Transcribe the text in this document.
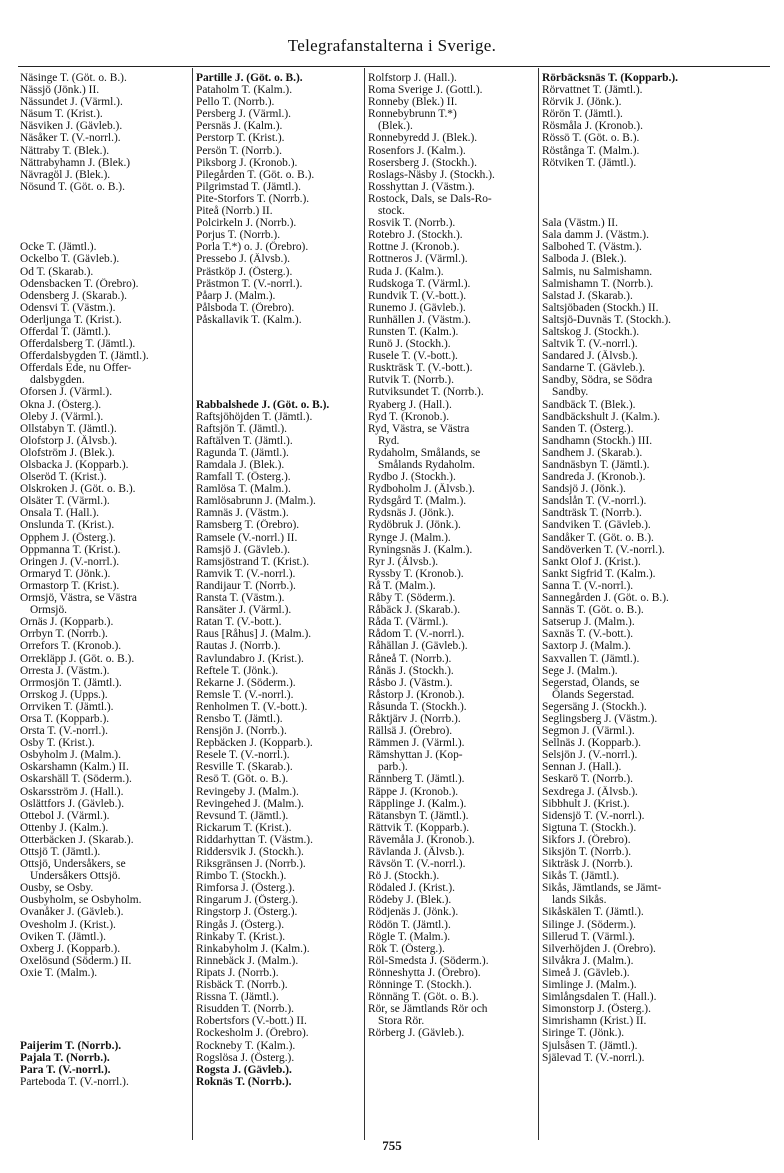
Telegrafanstalterna i Sverige.
Näsinge T. (Göt. o. B.).
Nässjö (Jönk.) II.
Nässundet J. (Värml.).
Näsum T. (Krist.).
Näsviken J. (Gävleb.).
Näsåker T. (V.-norrl.).
Nättraby T. (Blek.).
Nättrabyhamn J. (Blek.)
Nävragöl J. (Blek.).
Nösund T. (Göt. o. B.).
Ocke T. (Jämtl.).
Ockelbo T. (Gävleb.).
Od T. (Skarab.).
Odensbacken T. (Örebro).
Odensberg J. (Skarab.).
Odensvi T. (Västm.).
Oderljunga T. (Krist.).
Offerdal T. (Jämtl.).
Offerdalsberg T. (Jämtl.).
Offerdalsbygden T. (Jämtl.).
Offerdals Ede, nu Offer-
dalsbygden.
Oforsen J. (Värml.).
Okna J. (Österg.).
Oleby J. (Värml.).
Ollstabyn T. (Jämtl.).
Olofstorp J. (Älvsb.).
Olofström J. (Blek.).
Olsbacka J. (Kopparb.).
Olseröd T. (Krist.).
Olskroken J. (Göt. o. B.).
Olsäter T. (Värml.).
Onsala T. (Hall.).
Onslunda T. (Krist.).
Opphem J. (Österg.).
Oppmanna T. (Krist.).
Oringen J. (V.-norrl.).
Ormaryd T. (Jönk.).
Ormastorp T. (Krist.).
Ormsjö, Västra, se Västra
Ormsjö.
Ornäs J. (Kopparb.).
Orrbyn T. (Norrb.).
Orrefors T. (Kronob.).
Orrekläpp J. (Göt. o. B.).
Orresta J. (Västm.).
Orrmosjön T. (Jämtl.).
Orrskog J. (Upps.).
Orrviken T. (Jämtl.).
Orsa T. (Kopparb.).
Orsta T. (V.-norrl.).
Osby T. (Krist.).
Osbyholm J. (Malm.).
Oskarshamn (Kalm.) II.
Oskarshäll T. (Söderm.).
Oskarsström J. (Hall.).
Oslättfors J. (Gävleb.).
Ottebol J. (Värml.).
Ottenby J. (Kalm.).
Otterbäcken J. (Skarab.).
Ottsjö T. (Jämtl.).
Ottsjö, Undersåkers, se
Undersåkers Ottsjö.
Ousby, se Osby.
Ousbyholm, se Osbyholm.
Ovanåker J. (Gävleb.).
Ovesholm J. (Krist.).
Oviken T. (Jämtl.).
Oxberg J. (Kopparb.).
Oxelösund (Söderm.) II.
Oxie T. (Malm.).
Paijerim T. (Norrb.).
Pajala T. (Norrb.).
Para T. (V.-norrl.).
Parteboda T. (V.-norrl.).
Partille J. (Göt. o. B.).
Pataholm T. (Kalm.).
Pello T. (Norrb.).
Persberg J. (Värml.).
Persnäs J. (Kalm.).
Perstorp T. (Krist.).
Persön T. (Norrb.).
Piksborg J. (Kronob.).
Pilegården T. (Göt. o. B.).
Pilgrimstad T. (Jämtl.).
Pite-Storfors T. (Norrb.).
Piteå (Norrb.) II.
Polcirkeln J. (Norrb.).
Porjus T. (Norrb.).
Porla T.*) o. J. (Örebro).
Pressebo J. (Älvsb.).
Prästköp J. (Österg.).
Prästmon T. (V.-norrl.).
Påarp J. (Malm.).
Pålsboda T. (Örebro).
Påskallavik T. (Kalm.).
Rabbalshede J. (Göt. o. B.).
Raftsjöhöjden T. (Jämtl.).
Raftsjön T. (Jämtl.).
Raftälven T. (Jämtl.).
Ragunda T. (Jämtl.).
Ramdala J. (Blek.).
Ramfall T. (Österg.).
Ramlösa T. (Malm.).
Ramlösabrunn J. (Malm.).
Ramnäs J. (Västm.).
Ramsberg T. (Örebro).
Ramsele (V.-norrl.) II.
Ramsjö J. (Gävleb.).
Ramsjöstrand T. (Krist.).
Ramvik T. (V.-norrl.).
Randijaur T. (Norrb.).
Ransta T. (Västm.).
Ransäter J. (Värml.).
Ratan T. (V.-bott.).
Raus [Råhus] J. (Malm.).
Rautas J. (Norrb.).
Ravlundabro J. (Krist.).
Reftele T. (Jönk.).
Rekarne J. (Söderm.).
Remsle T. (V.-norrl.).
Renholmen T. (V.-bott.).
Rensbo T. (Jämtl.).
Rensjön J. (Norrb.).
Repbäcken J. (Kopparb.).
Resele T. (V.-norrl.).
Resville T. (Skarab.).
Resö T. (Göt. o. B.).
Revingeby J. (Malm.).
Revingehed J. (Malm.).
Revsund T. (Jämtl.).
Rickarum T. (Krist.).
Riddarhyttan T. (Västm.).
Riddersvik J. (Stockh.).
Riksgränsen J. (Norrb.).
Rimbo T. (Stockh.).
Rimforsa J. (Österg.).
Ringarum J. (Österg.).
Ringstorp J. (Österg.).
Ringås J. (Österg.).
Rinkaby T. (Krist.).
Rinkabyholm J. (Kalm.).
Rinnebäck J. (Malm.).
Ripats J. (Norrb.).
Risbäck T. (Norrb.).
Rissna T. (Jämtl.).
Risudden T. (Norrb.).
Robertsfors (V.-bott.) II.
Rockesholm J. (Örebro).
Rockneby T. (Kalm.).
Rogslösa J. (Österg.).
Rogsta J. (Gävleb.).
Roknäs T. (Norrb.).
Rolfstorp J. (Hall.).
Roma Sverige J. (Gottl.).
Ronneby (Blek.) II.
Ronnebybrunn T.*)
(Blek.).
Ronnebyredd J. (Blek.).
Rosenfors J. (Kalm.).
Rosersberg J. (Stockh.).
Roslags-Näsby J. (Stockh.).
Rosshyttan J. (Västm.).
Rostock, Dals, se Dals-Ro-
stock.
Rosvik T. (Norrb.).
Rotebro J. (Stockh.).
Rottne J. (Kronob.).
Rottneros J. (Värml.).
Ruda J. (Kalm.).
Rudskoga T. (Värml.).
Rundvik T. (V.-bott.).
Runemo J. (Gävleb.).
Runhällen J. (Västm.).
Runsten T. (Kalm.).
Runö J. (Stockh.).
Rusele T. (V.-bott.).
Ruskträsk T. (V.-bott.).
Rutvik T. (Norrb.).
Rutviksundet T. (Norrb.).
Ryaberg J. (Hall.).
Ryd T. (Kronob.).
Ryd, Västra, se Västra
Ryd.
Rydaholm, Smålands, se
Smålands Rydaholm.
Rydbo J. (Stockh.).
Rydboholm J. (Älvsb.).
Rydsgård T. (Malm.).
Rydsnäs J. (Jönk.).
Rydöbruk J. (Jönk.).
Rynge J. (Malm.).
Ryningsnäs J. (Kalm.).
Ryr J. (Älvsb.).
Ryssby T. (Kronob.).
Rå T. (Malm.).
Råby T. (Söderm.).
Råbäck J. (Skarab.).
Råda T. (Värml.).
Rådom T. (V.-norrl.).
Råhällan J. (Gävleb.).
Råneå T. (Norrb.).
Rånäs J. (Stockh.).
Råsbo J. (Västm.).
Råstorp J. (Kronob.).
Råsunda T. (Stockh.).
Råktjärv J. (Norrb.).
Rällsä J. (Örebro).
Rämmen J. (Värml.).
Rämshyttan J. (Kop-
parb.).
Rännberg T. (Jämtl.).
Räppe J. (Kronob.).
Räpplinge J. (Kalm.).
Rätansbyn T. (Jämtl.).
Rättvik T. (Kopparb.).
Rävemåla J. (Kronob.).
Rävlanda J. (Älvsb.).
Rävsön T. (V.-norrl.).
Rö J. (Stockh.).
Rödaled J. (Krist.).
Rödeby J. (Blek.).
Rödjenäs J. (Jönk.).
Rödön T. (Jämtl.).
Rögle T. (Malm.).
Rök T. (Österg.).
Röl-Smedsta J. (Söderm.).
Rönneshytta J. (Örebro).
Rönninge T. (Stockh.).
Rönnäng T. (Göt. o. B.).
Rör, se Jämtlands Rör och
Stora Rör.
Rörberg J. (Gävleb.).
Rörbäcksnäs T. (Kopparb.).
Rörvattnet T. (Jämtl.).
Rörvik J. (Jönk.).
Rörön T. (Jämtl.).
Rösmåla J. (Kronob.).
Rössö T. (Göt. o. B.).
Röstånga T. (Malm.).
Rötviken T. (Jämtl.).
Sala (Västm.) II.
Sala damm J. (Västm.).
Salbohed T. (Västm.).
Salboda J. (Blek.).
Salmis, nu Salmishamn.
Salmishamn T. (Norrb.).
Salstad J. (Skarab.).
Saltsjöbaden (Stockh.) II.
Saltsjö-Duvnäs T. (Stockh.).
Saltskog J. (Stockh.).
Saltvik T. (V.-norrl.).
Sandared J. (Älvsb.).
Sandarne T. (Gävleb.).
Sandby, Södra, se Södra
Sandby.
Sandbäck T. (Blek.).
Sandbäckshult J. (Kalm.).
Sanden T. (Österg.).
Sandhamn (Stockh.) III.
Sandhem J. (Skarab.).
Sandnäsbyn T. (Jämtl.).
Sandreda J. (Kronob.).
Sandsjö J. (Jönk.).
Sandslån T. (V.-norrl.).
Sandträsk T. (Norrb.).
Sandviken T. (Gävleb.).
Sandåker T. (Göt. o. B.).
Sandöverken T. (V.-norrl.).
Sankt Olof J. (Krist.).
Sankt Sigfrid T. (Kalm.).
Sanna T. (V.-norrl.).
Sannegården J. (Göt. o. B.).
Sannäs T. (Göt. o. B.).
Satserup J. (Malm.).
Saxnäs T. (V.-bott.).
Saxtorp J. (Malm.).
Saxvallen T. (Jämtl.).
Sege J. (Malm.).
Segerstad, Ölands, se
Ölands Segerstad.
Segersäng J. (Stockh.).
Seglingsberg J. (Västm.).
Segmon J. (Värml.).
Sellnäs J. (Kopparb.).
Selsjön J. (V.-norrl.).
Sennan J. (Hall.).
Seskarö T. (Norrb.).
Sexdrega J. (Älvsb.).
Sibbhult J. (Krist.).
Sidensjö T. (V.-norrl.).
Sigtuna T. (Stockh.).
Sikfors J. (Örebro).
Siksjön T. (Norrb.).
Sikträsk J. (Norrb.).
Sikås T. (Jämtl.).
Sikås, Jämtlands, se Jämt-
lands Sikås.
Sikåskälen T. (Jämtl.).
Silinge J. (Söderm.).
Sillerud T. (Värml.).
Silverhöjden J. (Örebro).
Silvåkra J. (Malm.).
Simeå J. (Gävleb.).
Simlinge J. (Malm.).
Simlångsdalen T. (Hall.).
Simonstorp J. (Österg.).
Simrishamn (Krist.) II.
Siringe T. (Jönk.).
Sjulsåsen T. (Jämtl.).
Själevad T. (V.-norrl.).
755
